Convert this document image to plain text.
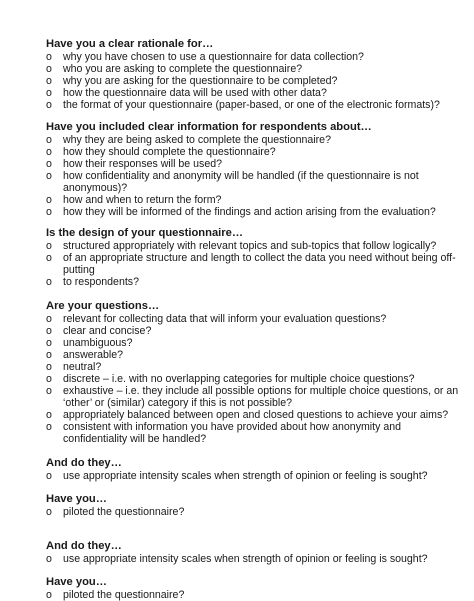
Have you a clear rationale for…

o why you have chosen to use a questionnaire for data collection?
o who you are asking to complete the questionnaire?
o why you are asking for the questionnaire to be completed?
o how the questionnaire data will be used with other data?
o the format of your questionnaire (paper-based, or one of the electronic formats)?

Have you included clear information for respondents about…

o why they are being asked to complete the questionnaire?
o how they should complete the questionnaire?
o how their responses will be used?
o how confidentiality and anonymity will be handled (if the questionnaire is not anonymous)?
o how and when to return the form?
o how they will be informed of the findings and action arising from the evaluation?

Is the design of your questionnaire…

o structured appropriately with relevant topics and sub-topics that follow logically?
o of an appropriate structure and length to collect the data you need without being off-putting
o to respondents?

Are your questions…

o relevant for collecting data that will inform your evaluation questions?
o clear and concise?
o unambiguous?
o answerable?
o neutral?
o discrete – i.e. with no overlapping categories for multiple choice questions?
o exhaustive – i.e. they include all possible options for multiple choice questions, or an ‘other’ or (similar) category if this is not possible?
o appropriately balanced between open and closed questions to achieve your aims?
o consistent with information you have provided about how anonymity and confidentiality will be handled?

And do they…

o use appropriate intensity scales when strength of opinion or feeling is sought?

Have you…

o piloted the questionnaire?

And do they…

o use appropriate intensity scales when strength of opinion or feeling is sought?

Have you…

o piloted the questionnaire?
